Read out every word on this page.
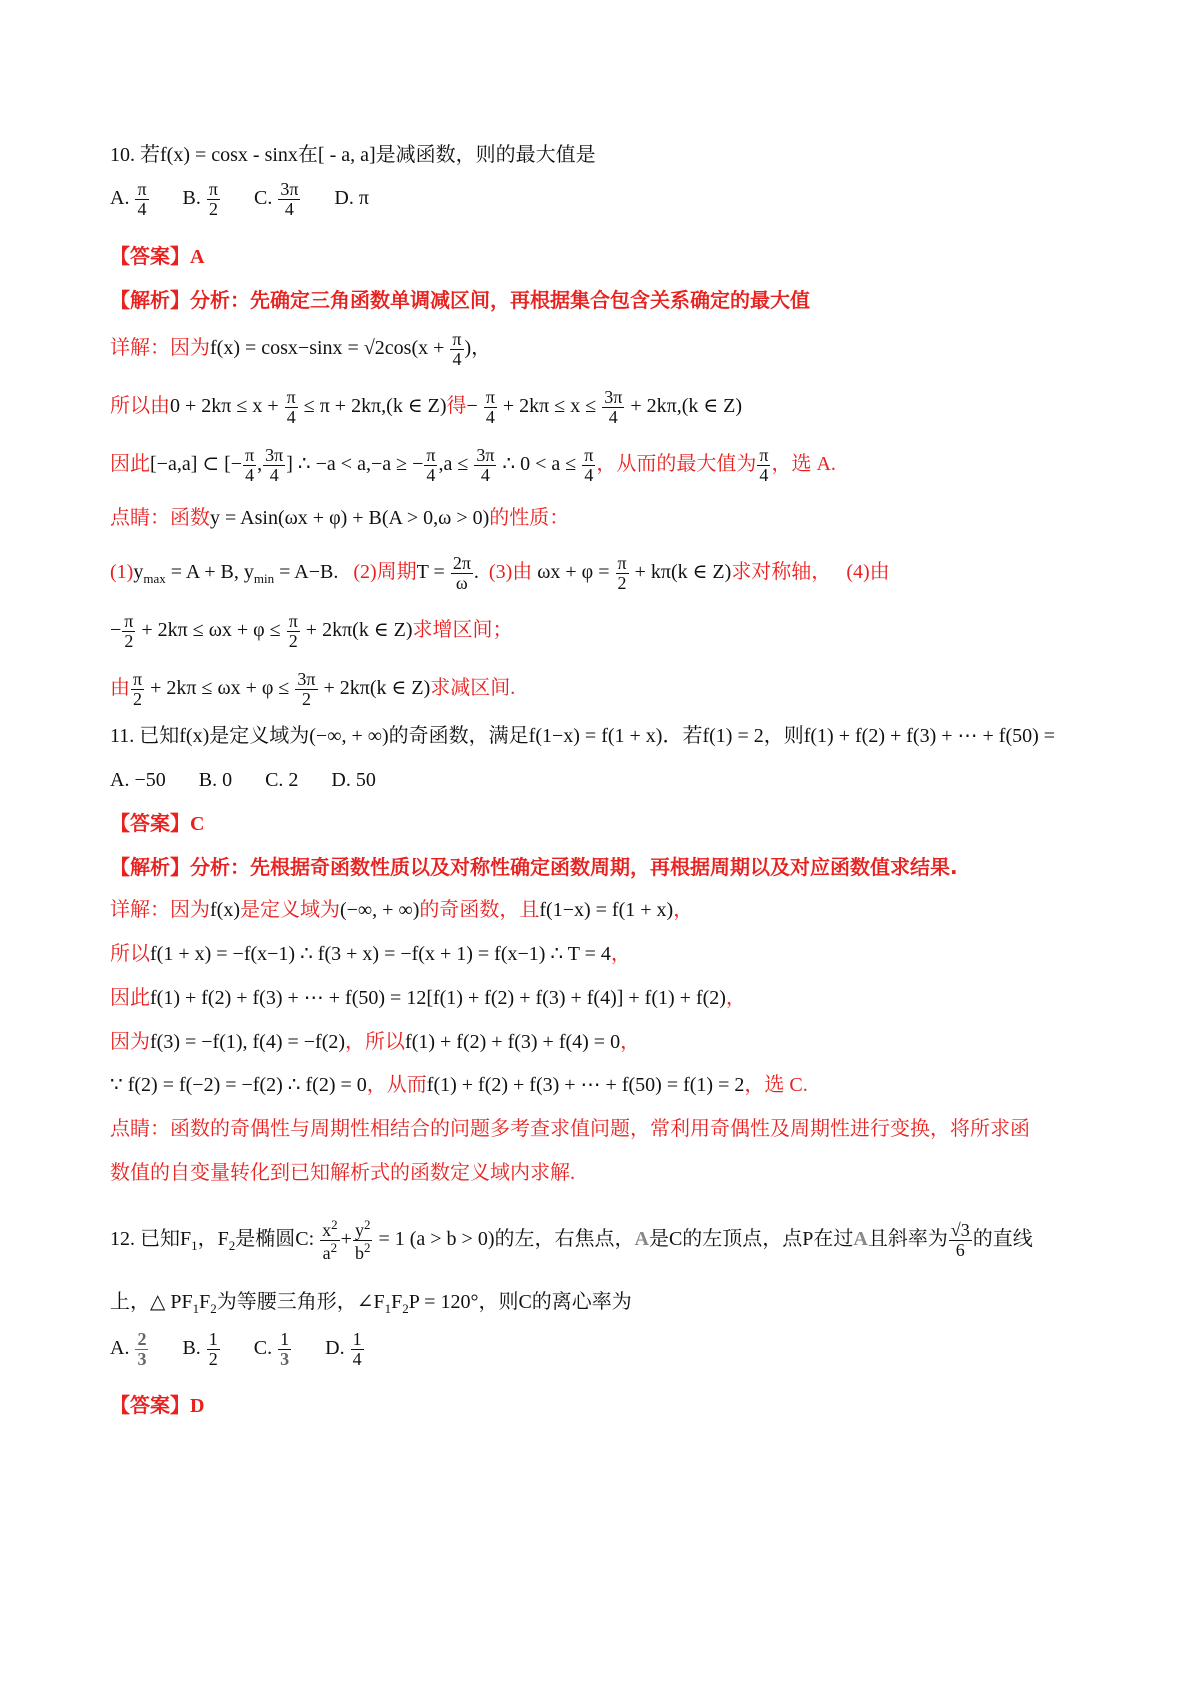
10. 若f(x) = cosx - sinx在[ - a, a]是减函数，则的最大值是
A. $\frac{\pi}{4} B$. $\frac{\pi}{2} C$. $\frac{3\pi}{4} D$. π
【答案】A
【解析】分析：先确定三角函数单调减区间，再根据集合包含关系确定的最大值
详解：因为$f(x) = \cos x-\sin x = √2\cos(x + \frac{\pi}{4}$ )，
所以由$0 + 2k\pi \le x + \frac{\pi}{4} \le \pi + 2k\pi,(k$ ∈ Z)得− $\frac{\pi}{4} + 2k\pi \le x \le \frac{3\pi}{4} + 2k\pi,(k$ ∈ Z)
因此[−a,a] ⊂ [− $\frac{\pi}{4}$ , $\frac{3\pi}{4}$ ] ∴ −a < a,−a ≥ − $\frac{\pi}{4} ,a \le \frac{3\pi}{4}$ ∴ $0 < a \le \frac{\pi}{4}$ ，从而的最大值为 $\frac{\pi}{4}$ ，选 A.
点睛：函数y = Asin(ωx + φ) + B(A > 0,ω > 0)的性质：
$(1)y_{max} = A + B$, $y_{min} = A-B$. (2)周期$T = \frac{2\pi}{\omega}$ . (3)由 $\omega x + \varphi = \frac{\pi}{2} + k\pi(k$ ∈ Z)求对称轴， (4)由
− $\frac{\pi}{2} + 2k\pi \le \omega x + \varphi \le \frac{\pi}{2} + 2k\pi(k$ ∈ Z)求增区间；
由 $\frac{\pi}{2} + 2k\pi \le \omega x + \varphi \le \frac{3\pi}{2} + 2k\pi(k$ ∈ Z)求减区间.
11. 已知f(x)是定义域为(−∞, + ∞)的奇函数，满足f(1−x) = f(1 + x)．若f(1) = 2，则f(1) + f(2) + f(3) + ⋯ + f(50) =
A. −50 B. 0 C. 2 D. 50
【答案】C
【解析】分析：先根据奇函数性质以及对称性确定函数周期，再根据周期以及对应函数值求结果.
详解：因为f(x)是定义域为(−∞, + ∞)的奇函数，且f(1−x) = f(1 + x)，
所以f(1 + x) = −f(x−1) ∴ f(3 + x) = −f(x + 1) = f(x−1) ∴ T = 4，
因此f(1) + f(2) + f(3) + ⋯ + f(50) = 12[f(1) + f(2) + f(3) + f(4)] + f(1) + f(2)，
因为f(3) = −f(1), f(4) = −f(2)，所以f(1) + f(2) + f(3) + f(4) = 0，
∵ f(2) = f(−2) = −f(2) ∴ f(2) = 0，从而f(1) + f(2) + f(3) + ⋯ + f(50) = f(1) = 2，选 C.
点睛：函数的奇偶性与周期性相结合的问题多考查求值问题，常利用奇偶性及周期性进行变换，将所求函
数值的自变量转化到已知解析式的函数定义域内求解.
12. 已知$F_1$，$F_2$是椭圆C: $\frac{x^2}{a^2} + \frac{y^2}{b^2} = 1$ (a > b > 0)的左，右焦点，A是C的左顶点，点P在过A且斜率为 $\frac{√3}{6}$ 的直线
上，△ $PF_1F_2$为等腰三角形，$\angle F_1F_2P = 120^\circ$，则C的离心率为
A. $\frac{2}{3} B$. $\frac{1}{2} C$. $\frac{1}{3} D$. $\frac{1}{4}$
【答案】D
